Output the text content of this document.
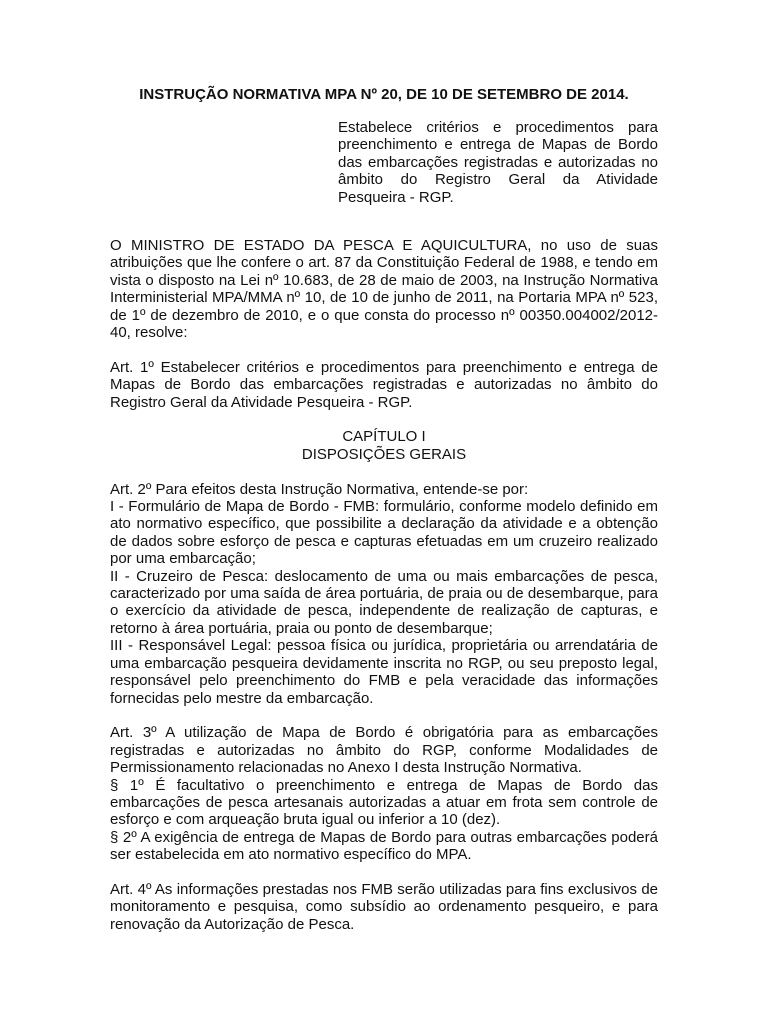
INSTRUÇÃO NORMATIVA MPA Nº 20, DE 10 DE SETEMBRO DE 2014.
Estabelece critérios e procedimentos para preenchimento e entrega de Mapas de Bordo das embarcações registradas e autorizadas no âmbito do Registro Geral da Atividade Pesqueira - RGP.

O MINISTRO DE ESTADO DA PESCA E AQUICULTURA, no uso de suas atribuições que lhe confere o art. 87 da Constituição Federal de 1988, e tendo em vista o disposto na Lei nº 10.683, de 28 de maio de 2003, na Instrução Normativa Interministerial MPA/MMA nº 10, de 10 de junho de 2011, na Portaria MPA nº 523, de 1º de dezembro de 2010, e o que consta do processo nº 00350.004002/2012-40, resolve:

Art. 1º Estabelecer critérios e procedimentos para preenchimento e entrega de Mapas de Bordo das embarcações registradas e autorizadas no âmbito do Registro Geral da Atividade Pesqueira - RGP.

CAPÍTULO I
DISPOSIÇÕES GERAIS

Art. 2º Para efeitos desta Instrução Normativa, entende-se por:
I - Formulário de Mapa de Bordo - FMB: formulário, conforme modelo definido em ato normativo específico, que possibilite a declaração da atividade e a obtenção de dados sobre esforço de pesca e capturas efetuadas em um cruzeiro realizado por uma embarcação;
II - Cruzeiro de Pesca: deslocamento de uma ou mais embarcações de pesca, caracterizado por uma saída de área portuária, de praia ou de desembarque, para o exercício da atividade de pesca, independente de realização de capturas, e retorno à área portuária, praia ou ponto de desembarque;
III - Responsável Legal: pessoa física ou jurídica, proprietária ou arrendatária de uma embarcação pesqueira devidamente inscrita no RGP, ou seu preposto legal, responsável pelo preenchimento do FMB e pela veracidade das informações fornecidas pelo mestre da embarcação.

Art. 3º A utilização de Mapa de Bordo é obrigatória para as embarcações registradas e autorizadas no âmbito do RGP, conforme Modalidades de Permissionamento relacionadas no Anexo I desta Instrução Normativa.
§ 1º É facultativo o preenchimento e entrega de Mapas de Bordo das embarcações de pesca artesanais autorizadas a atuar em frota sem controle de esforço e com arqueação bruta igual ou inferior a 10 (dez).
§ 2º A exigência de entrega de Mapas de Bordo para outras embarcações poderá ser estabelecida em ato normativo específico do MPA.

Art. 4º As informações prestadas nos FMB serão utilizadas para fins exclusivos de monitoramento e pesquisa, como subsídio ao ordenamento pesqueiro, e para renovação da Autorização de Pesca.
